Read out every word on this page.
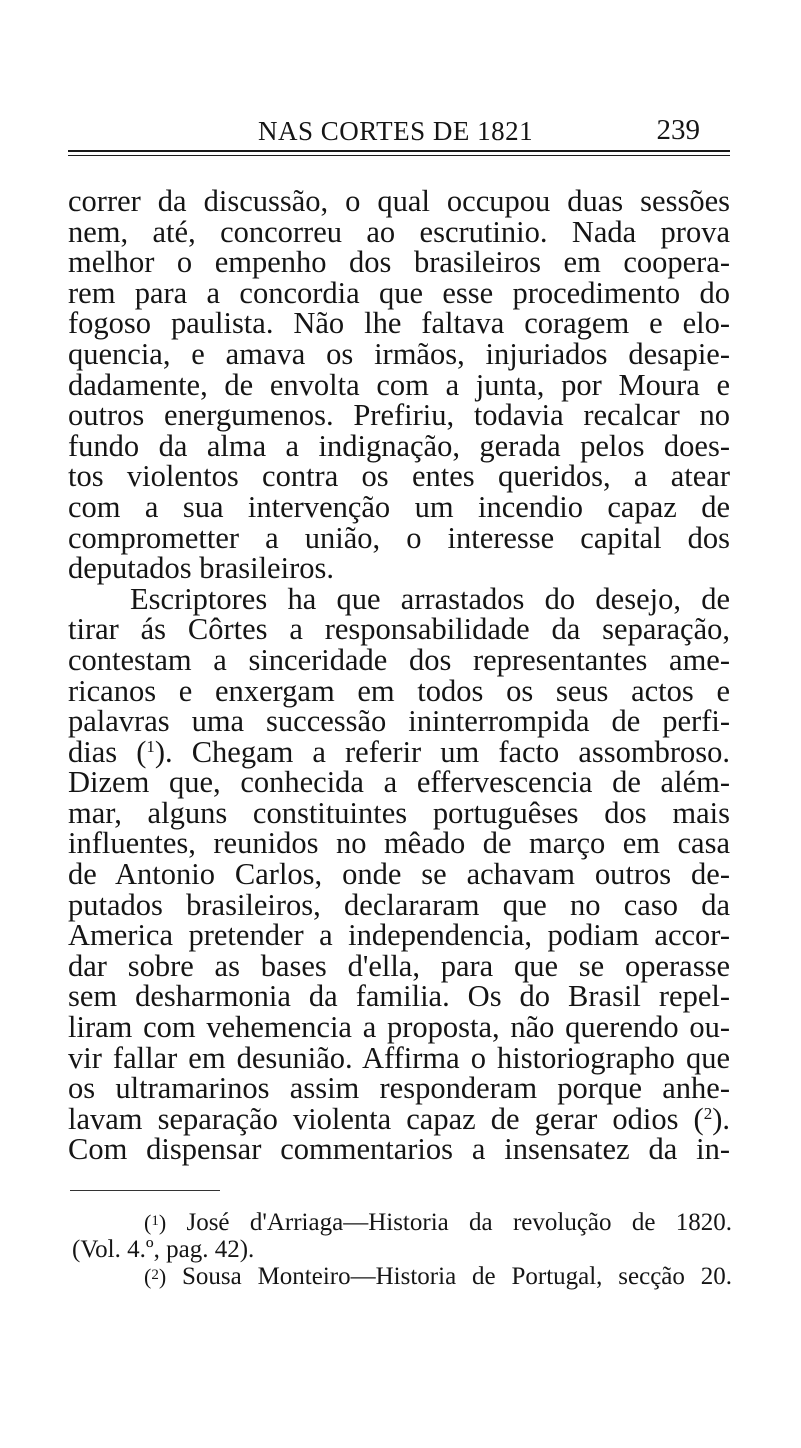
NAS CORTES DE 1821	239
correr da discussão, o qual occupou duas sessões
nem, até, concorreu ao escrutinio. Nada prova
melhor o empenho dos brasileiros em coopera-
rem para a concordia que esse procedimento do
fogoso paulista. Não lhe faltava coragem e elo-
quencia, e amava os irmãos, injuriados desapie-
dadamente, de envolta com a junta, por Moura e
outros energumenos. Prefiriu, todavia recalcar no
fundo da alma a indignação, gerada pelos does-
tos violentos contra os entes queridos, a atear
com a sua intervenção um incendio capaz de
comprometter a união, o interesse capital dos
deputados brasileiros.
Escriptores ha que arrastados do desejo, de
tirar ás Côrtes a responsabilidade da separação,
contestam a sinceridade dos representantes ame-
ricanos e enxergam em todos os seus actos e
palavras uma successão ininterrompida de perfi-
dias ($^1$). Chegam a referir um facto assombroso.
Dizem que, conhecida a effervescencia de além-
mar, alguns constituintes portuguêses dos mais
influentes, reunidos no mêado de março em casa
de Antonio Carlos, onde se achavam outros de-
putados brasileiros, declararam que no caso da
America pretender a independencia, podiam accor-
dar sobre as bases d'ella, para que se operasse
sem desharmonia da familia. Os do Brasil repel-
liram com vehemencia a proposta, não querendo ou-
vir fallar em desunião. Affirma o historiographo que
os ultramarinos assim responderam porque anhe-
lavam separação violenta capaz de gerar odios ($^2$).
Com dispensar commentarios a insensatez da in-
($^1$) José d'Arriaga—Historia da revolução de 1820.
(Vol. 4.º, pag. 42).
($^2$) Sousa Monteiro—Historia de Portugal, secção 20.
